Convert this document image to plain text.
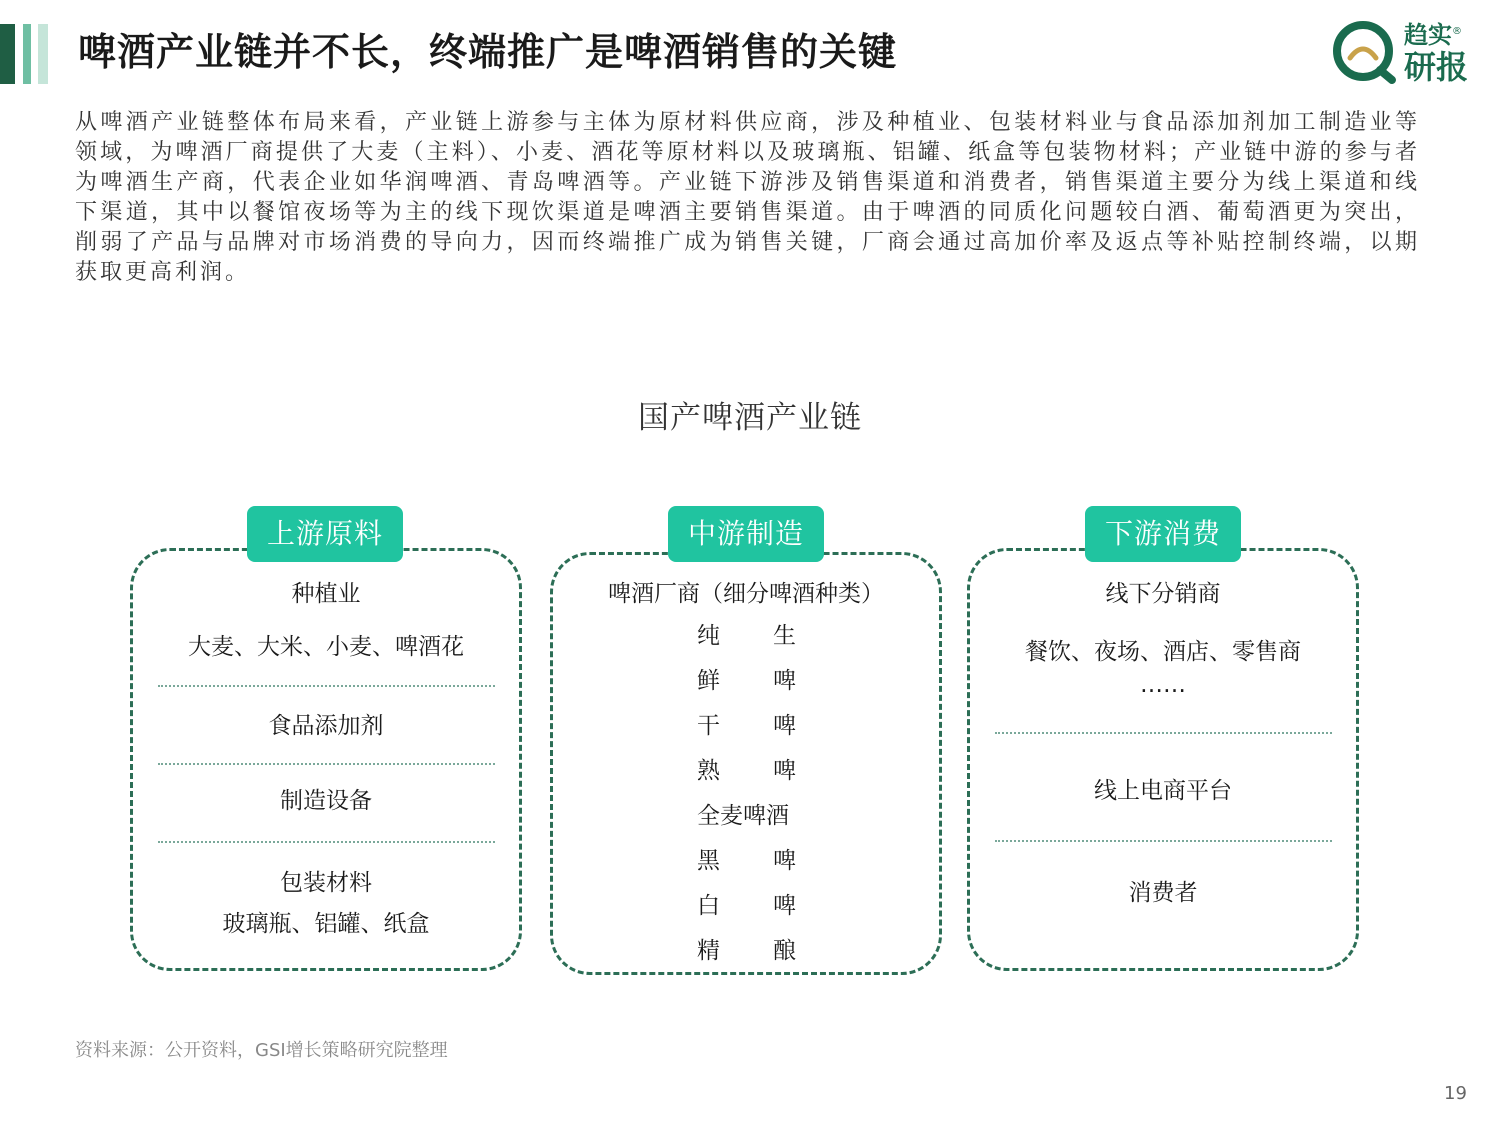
啤酒产业链并不长，终端推广是啤酒销售的关键	趋实®
研报
从啤酒产业链整体布局来看，产业链上游参与主体为原材料供应商，涉及种植业、包装材料业与食品添加剂加工制造业等领域，为啤酒厂商提供了大麦（主料）、小麦、酒花等原材料以及玻璃瓶、铝罐、纸盒等包装物材料；产业链中游的参与者为啤酒生产商，代表企业如华润啤酒、青岛啤酒等。产业链下游涉及销售渠道和消费者，销售渠道主要分为线上渠道和线下渠道，其中以餐馆夜场等为主的线下现饮渠道是啤酒主要销售渠道。由于啤酒的同质化问题较白酒、葡萄酒更为突出，削弱了产品与品牌对市场消费的导向力，因而终端推广成为销售关键，厂商会通过高加价率及返点等补贴控制终端，以期获取更高利润。
国产啤酒产业链
上游原料
种植业
大麦、大米、小麦、啤酒花
食品添加剂
制造设备
包装材料
玻璃瓶、铝罐、纸盒
中游制造
啤酒厂商（细分啤酒种类）
纯 生
鲜 啤
干 啤
熟 啤
全麦啤酒
黑 啤
白 啤
精 酿
下游消费
线下分销商
餐饮、夜场、酒店、零售商
……
线上电商平台
消费者
资料来源：公开资料，GSI增长策略研究院整理
19
